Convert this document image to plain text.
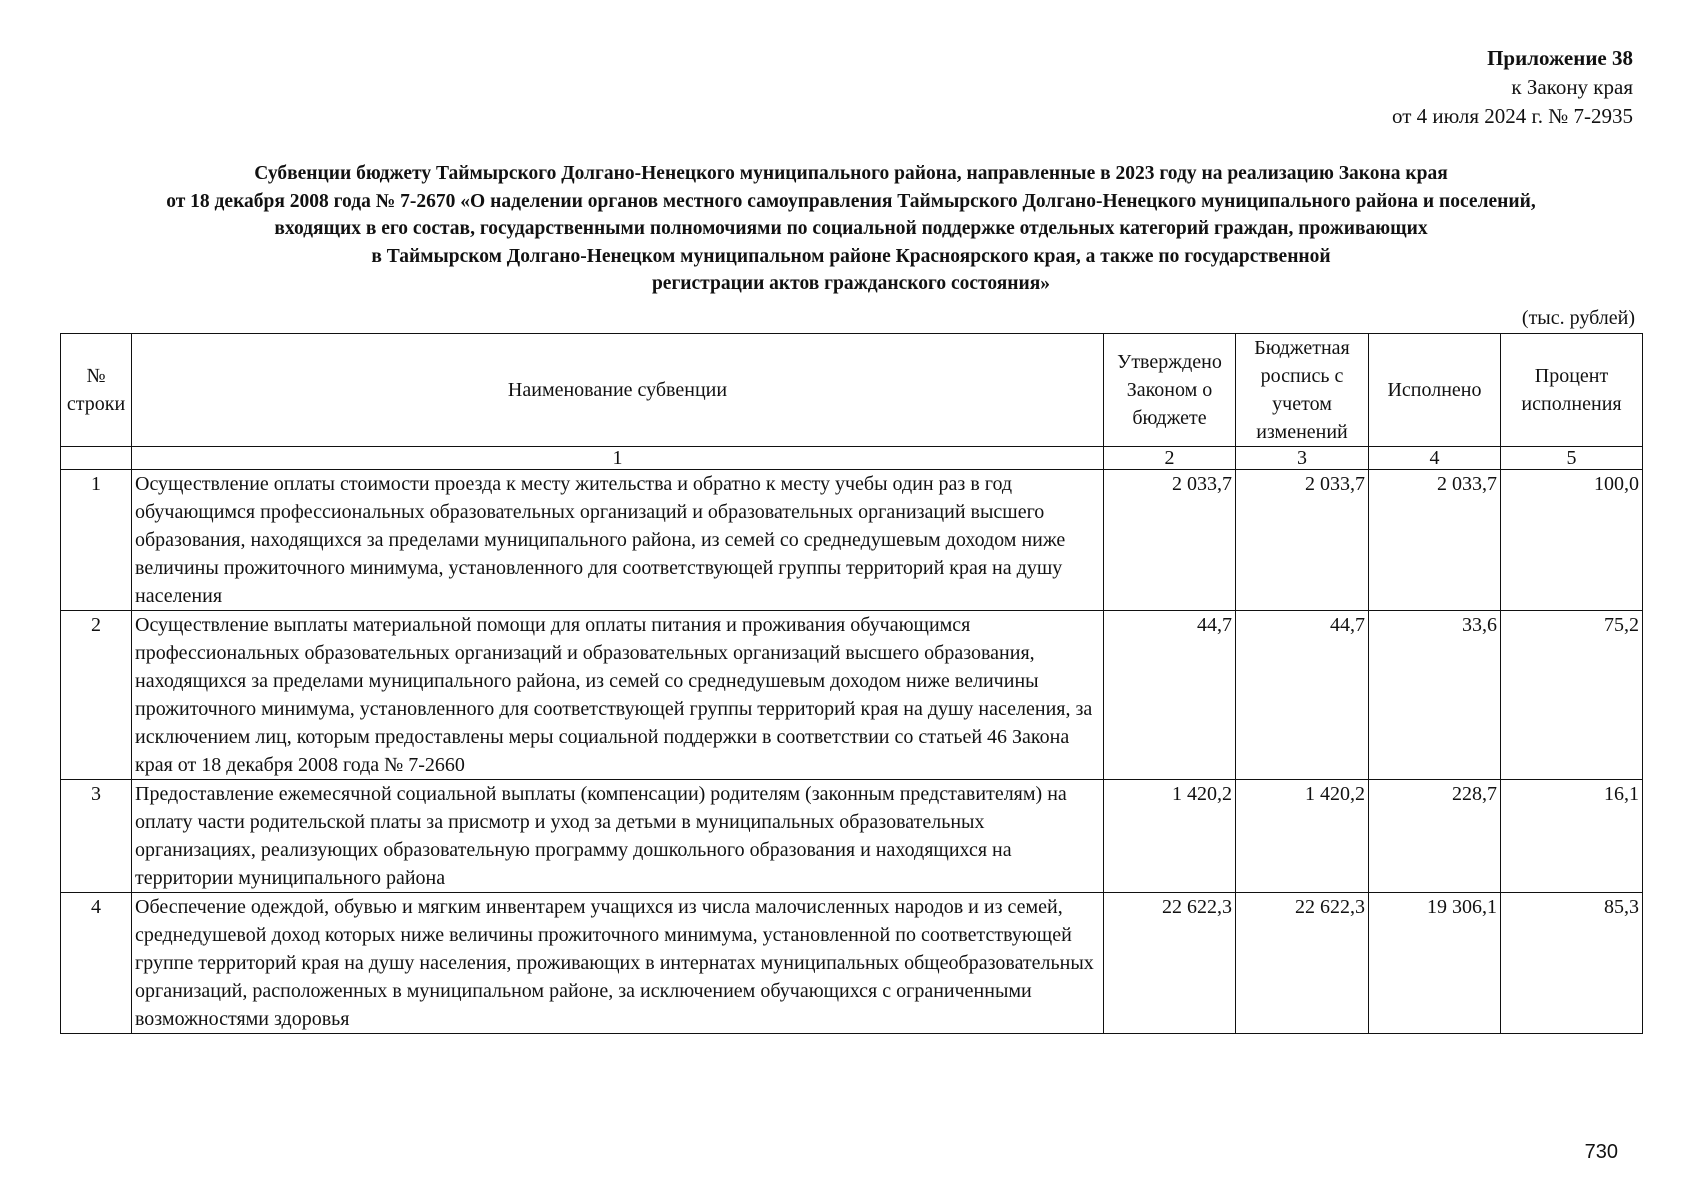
Приложение 38
к Закону края
от 4 июля 2024 г. № 7-2935
Субвенции бюджету Таймырского Долгано-Ненецкого муниципального района, направленные в 2023 году на реализацию Закона края
от 18 декабря 2008 года № 7-2670 «О наделении органов местного самоуправления Таймырского Долгано-Ненецкого муниципального района и поселений,
входящих в его состав, государственными полномочиями по социальной поддержке отдельных категорий граждан, проживающих
в Таймырском Долгано-Ненецком муниципальном районе Красноярского края, а также по государственной
регистрации актов гражданского состояния»
(тыс. рублей)
№ строки	Наименование субвенции	Утверждено Законом о бюджете	Бюджетная роспись с учетом изменений	Исполнено	Процент исполнения
	1	2	3	4	5
1	Осуществление оплаты стоимости проезда к месту жительства и обратно к месту учебы один раз в год обучающимся профессиональных образовательных организаций и образовательных организаций высшего образования, находящихся за пределами муниципального района, из семей со среднедушевым доходом ниже величины прожиточного минимума, установленного для соответствующей группы территорий края на душу населения	2 033,7	2 033,7	2 033,7	100,0
2	Осуществление выплаты материальной помощи для оплаты питания и проживания обучающимся профессиональных образовательных организаций и образовательных организаций высшего образования, находящихся за пределами муниципального района, из семей со среднедушевым доходом ниже величины прожиточного минимума, установленного для соответствующей группы территорий края на душу населения, за исключением лиц, которым предоставлены меры социальной поддержки в соответствии со статьей 46 Закона края от 18 декабря 2008 года № 7-2660	44,7	44,7	33,6	75,2
3	Предоставление ежемесячной социальной выплаты (компенсации) родителям (законным представителям) на оплату части родительской платы за присмотр и уход за детьми в муниципальных образовательных организациях, реализующих образовательную программу дошкольного образования и находящихся на территории муниципального района	1 420,2	1 420,2	228,7	16,1
4	Обеспечение одеждой, обувью и мягким инвентарем учащихся из числа малочисленных народов и из семей, среднедушевой доход которых ниже величины прожиточного минимума, установленной по соответствующей группе территорий края на душу населения, проживающих в интернатах муниципальных общеобразовательных организаций, расположенных в муниципальном районе, за исключением обучающихся с ограниченными возможностями здоровья	22 622,3	22 622,3	19 306,1	85,3
730
